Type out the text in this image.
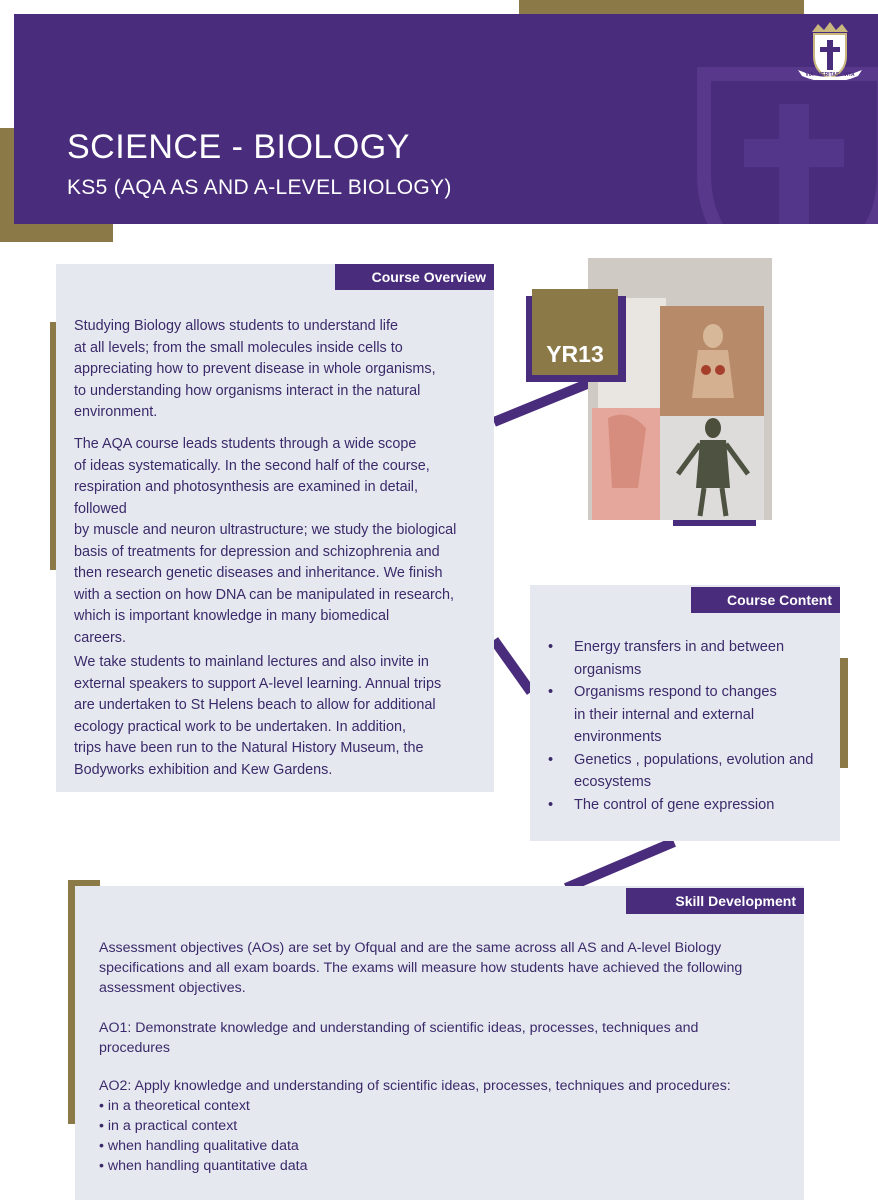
SCIENCE - BIOLOGY
KS5 (AQA AS AND A-LEVEL BIOLOGY)
VIA · VERITAS · VITA
Course Overview
Studying Biology allows students to understand life
at all levels; from the small molecules inside cells to
appreciating how to prevent disease in whole organisms,
to understanding how organisms interact in the natural
environment.
The AQA course leads students through a wide scope
of ideas systematically. In the second half of the course,
respiration and photosynthesis are examined in detail,
followed
by muscle and neuron ultrastructure; we study the biological
basis of treatments for depression and schizophrenia and
then research genetic diseases and inheritance. We finish
with a section on how DNA can be manipulated in research,
which is important knowledge in many biomedical
careers.
We take students to mainland lectures and also invite in
external speakers to support A-level learning. Annual trips
are undertaken to St Helens beach to allow for additional
ecology practical work to be undertaken. In addition,
trips have been run to the Natural History Museum, the
Bodyworks exhibition and Kew Gardens.
YR13
Course Content
• Energy transfers in and between
organisms
• Organisms respond to changes
in their internal and external
environments
• Genetics , populations, evolution and
ecosystems
• The control of gene expression
Skill Development
Assessment objectives (AOs) are set by Ofqual and are the same across all AS and A-level Biology
specifications and all exam boards. The exams will measure how students have achieved the following
assessment objectives.
AO1: Demonstrate knowledge and understanding of scientific ideas, processes, techniques and
procedures
AO2: Apply knowledge and understanding of scientific ideas, processes, techniques and procedures:
• in a theoretical context
• in a practical context
• when handling qualitative data
• when handling quantitative data
